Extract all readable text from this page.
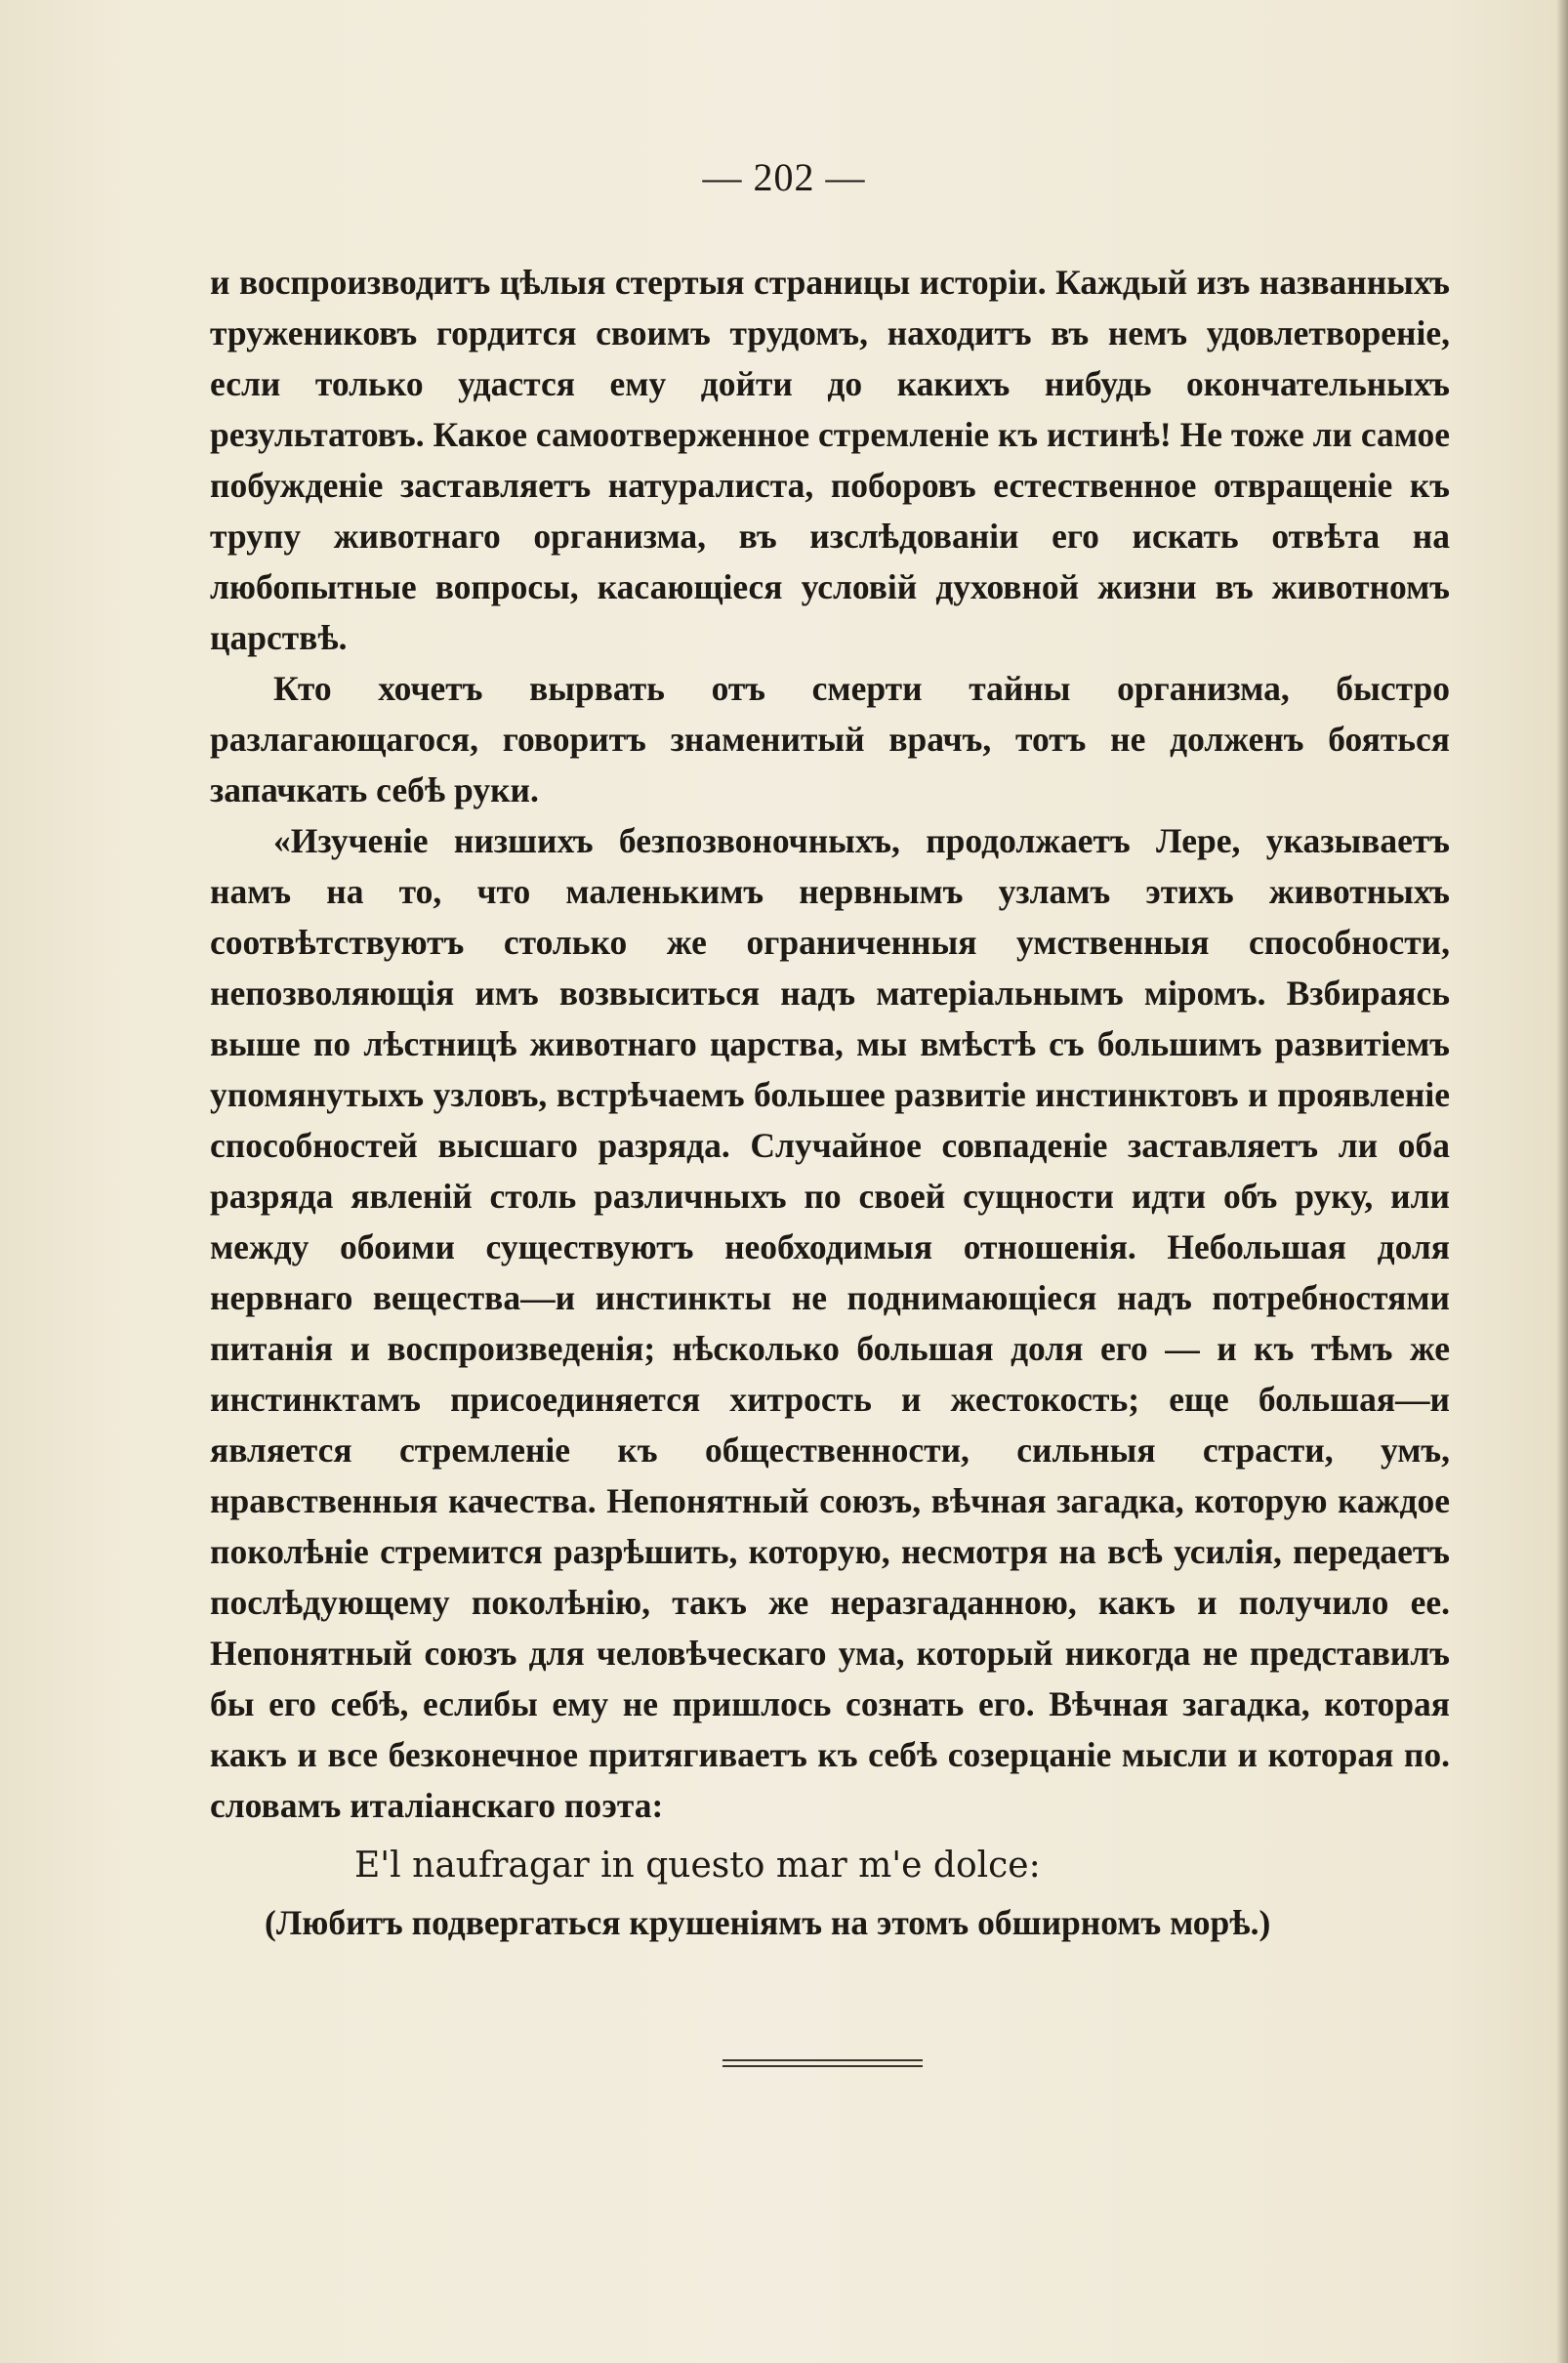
— 202 —

и воспроизводитъ цѣлыя стертыя страницы исторіи. Каждый изъ названныхъ тружениковъ гордится своимъ трудомъ, находитъ въ немъ удовлетвореніе, если только удастся ему дойти до какихъ нибудь окончательныхъ результатовъ. Какое самоотверженное стремленіе къ истинѣ! Не тоже ли самое побужденіе заставляетъ натуралиста, поборовъ естественное отвращеніе къ трупу животнаго организма, въ изслѣдованіи его искать отвѣта на любопытные вопросы, касающіеся условій духовной жизни въ животномъ царствѣ.

Кто хочетъ вырвать отъ смерти тайны организма, быстро разлагающагося, говоритъ знаменитый врачъ, тотъ не долженъ бояться запачкать себѣ руки.

«Изученіе низшихъ безпозвоночныхъ, продолжаетъ Лере, указываетъ намъ на то, что маленькимъ нервнымъ узламъ этихъ животныхъ соотвѣтствуютъ столько же ограниченныя умственныя способности, непозволяющія имъ возвыситься надъ матеріальнымъ міромъ. Взбираясь выше по лѣстницѣ животнаго царства, мы вмѣстѣ съ большимъ развитіемъ упомянутыхъ узловъ, встрѣчаемъ большее развитіе инстинктовъ и проявленіе способностей высшаго разряда. Случайное совпаденіе заставляетъ ли оба разряда явленій столь различныхъ по своей сущности идти объ руку, или между обоими существуютъ необходимыя отношенія. Небольшая доля нервнаго вещества—и инстинкты не поднимающіеся надъ потребностями питанія и воспроизведенія; нѣсколько большая доля его — и къ тѣмъ же инстинктамъ присоединяется хитрость и жестокость; еще большая—и является стремленіе къ общественности, сильныя страсти, умъ, нравственныя качества. Непонятный союзъ, вѣчная загадка, которую каждое поколѣніе стремится разрѣшить, которую, несмотря на всѣ усилія, передаетъ послѣдующему поколѣнію, такъ же неразгаданною, какъ и получило ее. Непонятный союзъ для человѣческаго ума, который никогда не представилъ бы его себѣ, еслибы ему не пришлось сознать его. Вѣчная загадка, которая какъ и все безконечное притягиваетъ къ себѣ созерцаніе мысли и которая по. словамъ италіанскаго поэта:

E'l naufragar in questo mar m'e dolce:
(Любитъ подвергаться крушеніямъ на этомъ обширномъ морѣ.)
